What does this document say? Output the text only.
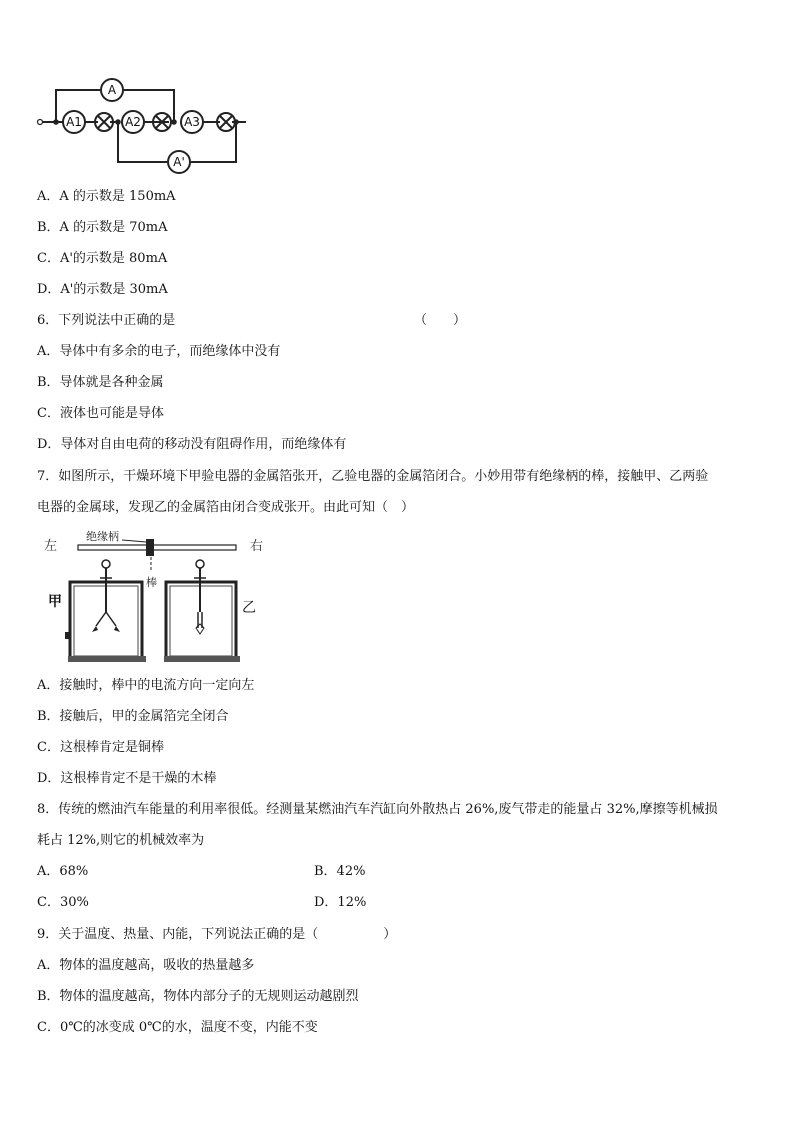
A
A1	A2	A3
A'
A．A 的示数是 150mA
B．A 的示数是 70mA
C．A'的示数是 80mA
D．A'的示数是 30mA
6．下列说法中正确的是	（　　）
A．导体中有多余的电子，而绝缘体中没有
B．导体就是各种金属
C．液体也可能是导体
D．导体对自由电荷的移动没有阻碍作用，而绝缘体有
7．如图所示，干燥环境下甲验电器的金属箔张开，乙验电器的金属箔闭合。小妙用带有绝缘柄的棒，接触甲、乙两验
电器的金属球，发现乙的金属箔由闭合变成张开。由此可知（　）
左	右
绝缘柄
棒
甲	乙
A．接触时，棒中的电流方向一定向左
B．接触后，甲的金属箔完全闭合
C．这根棒肯定是铜棒
D．这根棒肯定不是干燥的木棒
8．传统的燃油汽车能量的利用率很低。经测量某燃油汽车汽缸向外散热占 26%,废气带走的能量占 32%,摩擦等机械损
耗占 12%,则它的机械效率为
A．68%	B．42%
C．30%	D．12%
9．关于温度、热量、内能，下列说法正确的是（　　　　　）
A．物体的温度越高，吸收的热量越多
B．物体的温度越高，物体内部分子的无规则运动越剧烈
C．0℃的冰变成 0℃的水，温度不变，内能不变
